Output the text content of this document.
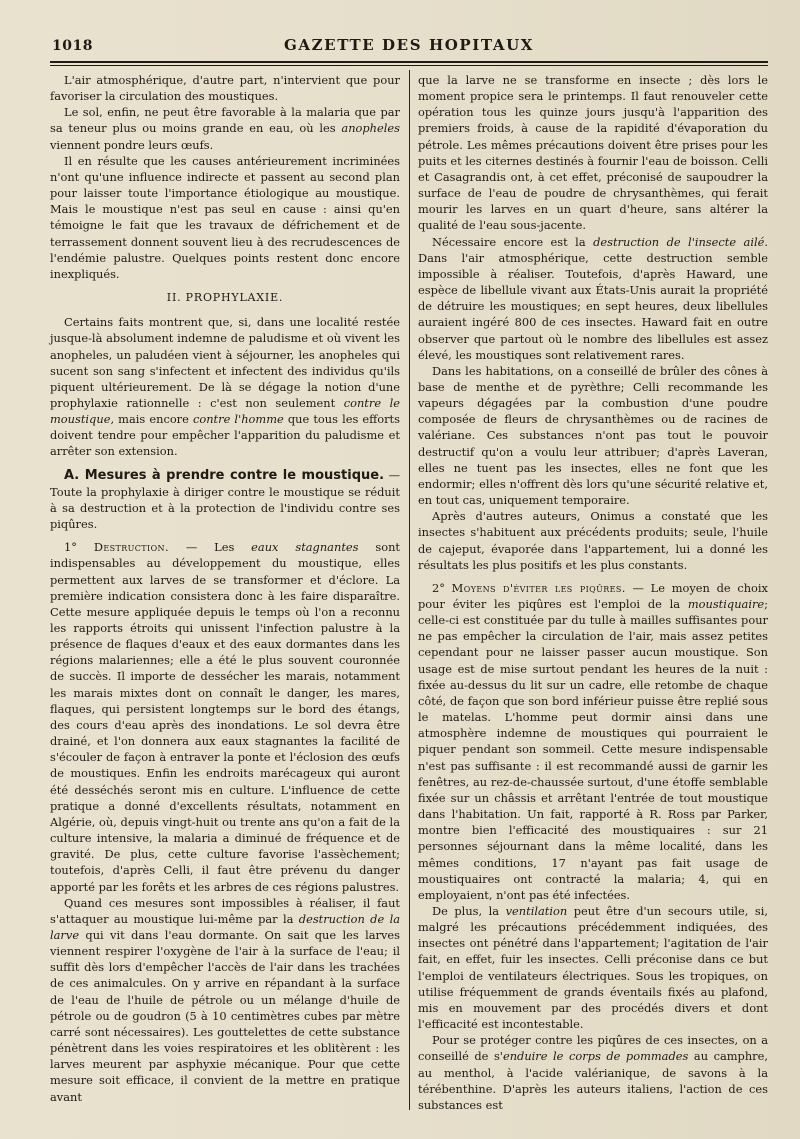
1018	GAZETTE DES HOPITAUX

L'air atmosphérique, d'autre part, n'intervient que pour favoriser la circulation des moustiques.

Le sol, enfin, ne peut être favorable à la malaria que par sa teneur plus ou moins grande en eau, où les anopheles viennent pondre leurs œufs.

Il en résulte que les causes antérieurement incriminées n'ont qu'une influence indirecte et passent au second plan pour laisser toute l'importance étiologique au moustique. Mais le moustique n'est pas seul en cause : ainsi qu'en témoigne le fait que les travaux de défrichement et de terrassement donnent souvent lieu à des recrudescences de l'endémie palustre. Quelques points restent donc encore inexpliqués.

II. PROPHYLAXIE.

Certains faits montrent que, si, dans une localité restée jusque-là absolument indemne de paludisme et où vivent les anopheles, un paludéen vient à séjourner, les anopheles qui sucent son sang s'infectent et infectent des individus qu'ils piquent ultérieurement. De là se dégage la notion d'une prophylaxie rationnelle : c'est non seulement contre le moustique, mais encore contre l'homme que tous les efforts doivent tendre pour empêcher l'apparition du paludisme et arrêter son extension.

A. Mesures à prendre contre le moustique. — Toute la prophylaxie à diriger contre le moustique se réduit à sa destruction et à la protection de l'individu contre ses piqûres.

1° Destruction. — Les eaux stagnantes sont indispensables au développement du moustique, elles permettent aux larves de se transformer et d'éclore. La première indication consistera donc à les faire disparaître. Cette mesure appliquée depuis le temps où l'on a reconnu les rapports étroits qui unissent l'infection palustre à la présence de flaques d'eaux et des eaux dormantes dans les régions malariennes; elle a été le plus souvent couronnée de succès. Il importe de dessécher les marais, notamment les marais mixtes dont on connaît le danger, les mares, flaques, qui persistent longtemps sur le bord des étangs, des cours d'eau après des inondations. Le sol devra être drainé, et l'on donnera aux eaux stagnantes la facilité de s'écouler de façon à entraver la ponte et l'éclosion des œufs de moustiques. Enfin les endroits marécageux qui auront été desséchés seront mis en culture. L'influence de cette pratique a donné d'excellents résultats, notamment en Algérie, où, depuis vingt-huit ou trente ans qu'on a fait de la culture intensive, la malaria a diminué de fréquence et de gravité. De plus, cette culture favorise l'assèchement; toutefois, d'après Celli, il faut être prévenu du danger apporté par les forêts et les arbres de ces régions palustres.

Quand ces mesures sont impossibles à réaliser, il faut s'attaquer au moustique lui-même par la destruction de la larve qui vit dans l'eau dormante. On sait que les larves viennent respirer l'oxygène de l'air à la surface de l'eau; il suffit dès lors d'empêcher l'accès de l'air dans les trachées de ces animalcules. On y arrive en répandant à la surface de l'eau de l'huile de pétrole ou un mélange d'huile de pétrole ou de goudron (5 à 10 centimètres cubes par mètre carré sont nécessaires). Les gouttelettes de cette substance pénètrent dans les voies respiratoires et les oblitèrent : les larves meurent par asphyxie mécanique. Pour que cette mesure soit efficace, il convient de la mettre en pratique avant

que la larve ne se transforme en insecte ; dès lors le moment propice sera le printemps. Il faut renouveler cette opération tous les quinze jours jusqu'à l'apparition des premiers froids, à cause de la rapidité d'évaporation du pétrole. Les mêmes précautions doivent être prises pour les puits et les citernes destinés à fournir l'eau de boisson. Celli et Casagrandis ont, à cet effet, préconisé de saupoudrer la surface de l'eau de poudre de chrysanthèmes, qui ferait mourir les larves en un quart d'heure, sans altérer la qualité de l'eau sous-jacente.

Nécessaire encore est la destruction de l'insecte ailé. Dans l'air atmosphérique, cette destruction semble impossible à réaliser. Toutefois, d'après Haward, une espèce de libellule vivant aux États-Unis aurait la propriété de détruire les moustiques; en sept heures, deux libellules auraient ingéré 800 de ces insectes. Haward fait en outre observer que partout où le nombre des libellules est assez élevé, les moustiques sont relativement rares.

Dans les habitations, on a conseillé de brûler des cônes à base de menthe et de pyrèthre; Celli recommande les vapeurs dégagées par la combustion d'une poudre composée de fleurs de chrysanthèmes ou de racines de valériane. Ces substances n'ont pas tout le pouvoir destructif qu'on a voulu leur attribuer; d'après Laveran, elles ne tuent pas les insectes, elles ne font que les endormir; elles n'offrent dès lors qu'une sécurité relative et, en tout cas, uniquement temporaire.

Après d'autres auteurs, Onimus a constaté que les insectes s'habituent aux précédents produits; seule, l'huile de cajeput, évaporée dans l'appartement, lui a donné les résultats les plus positifs et les plus constants.

2° Moyens d'éviter les piqûres. — Le moyen de choix pour éviter les piqûres est l'emploi de la moustiquaire; celle-ci est constituée par du tulle à mailles suffisantes pour ne pas empêcher la circulation de l'air, mais assez petites cependant pour ne laisser passer aucun moustique. Son usage est de mise surtout pendant les heures de la nuit : fixée au-dessus du lit sur un cadre, elle retombe de chaque côté, de façon que son bord inférieur puisse être replié sous le matelas. L'homme peut dormir ainsi dans une atmosphère indemne de moustiques qui pourraient le piquer pendant son sommeil. Cette mesure indispensable n'est pas suffisante : il est recommandé aussi de garnir les fenêtres, au rez-de-chaussée surtout, d'une étoffe semblable fixée sur un châssis et arrêtant l'entrée de tout moustique dans l'habitation. Un fait, rapporté à R. Ross par Parker, montre bien l'efficacité des moustiquaires : sur 21 personnes séjournant dans la même localité, dans les mêmes conditions, 17 n'ayant pas fait usage de moustiquaires ont contracté la malaria; 4, qui en employaient, n'ont pas été infectées.

De plus, la ventilation peut être d'un secours utile, si, malgré les précautions précédemment indiquées, des insectes ont pénétré dans l'appartement; l'agitation de l'air fait, en effet, fuir les insectes. Celli préconise dans ce but l'emploi de ventilateurs électriques. Sous les tropiques, on utilise fréquemment de grands éventails fixés au plafond, mis en mouvement par des procédés divers et dont l'efficacité est incontestable.

Pour se protéger contre les piqûres de ces insectes, on a conseillé de s'enduire le corps de pommades au camphre, au menthol, à l'acide valérianique, de savons à la térébenthine. D'après les auteurs italiens, l'action de ces substances est
